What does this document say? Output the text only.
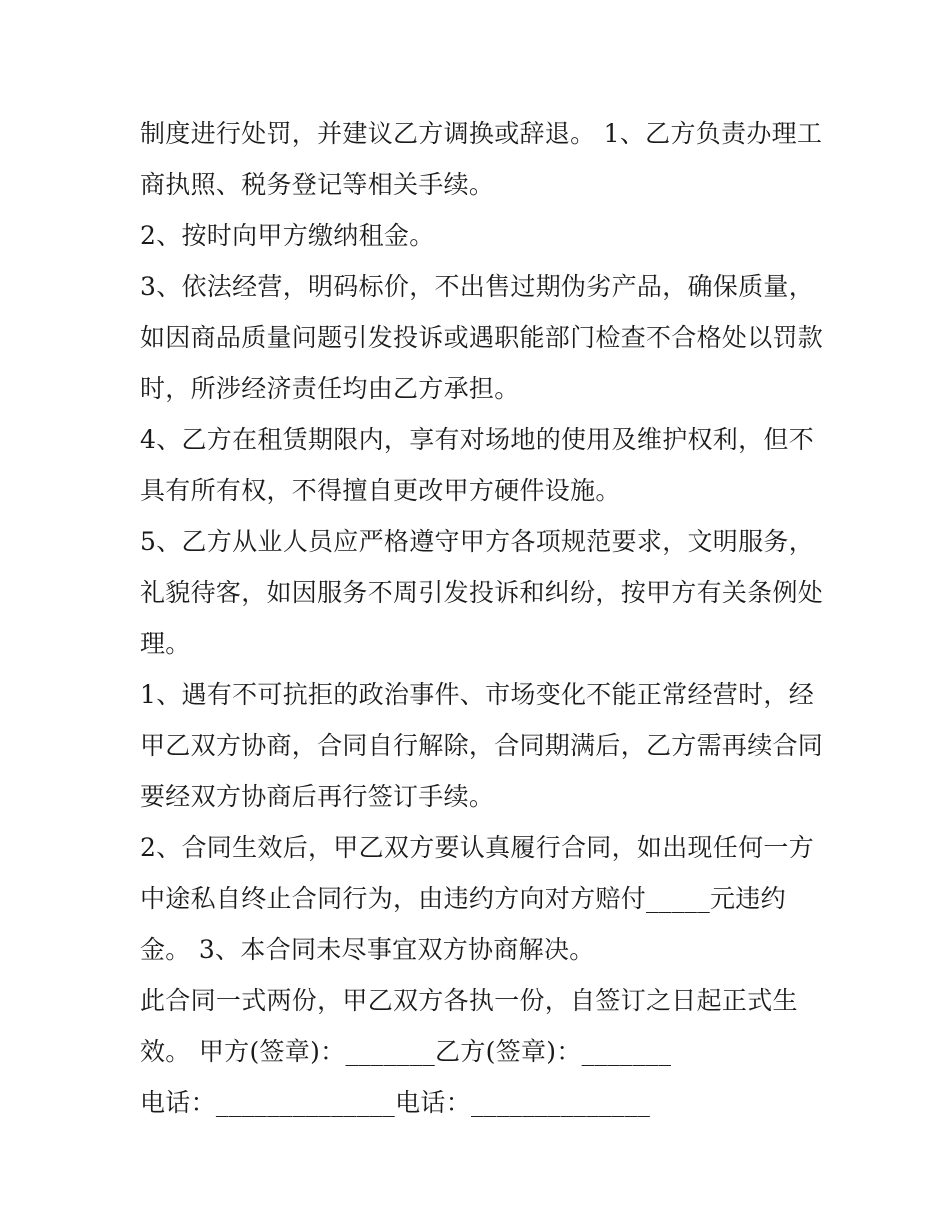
制度进行处罚，并建议乙方调换或辞退。 1、乙方负责办理工
商执照、税务登记等相关手续。
2、按时向甲方缴纳租金。
3、依法经营，明码标价，不出售过期伪劣产品，确保质量，
如因商品质量问题引发投诉或遇职能部门检查不合格处以罚款
时，所涉经济责任均由乙方承担。
4、乙方在租赁期限内，享有对场地的使用及维护权利，但不
具有所有权，不得擅自更改甲方硬件设施。
5、乙方从业人员应严格遵守甲方各项规范要求，文明服务，
礼貌待客，如因服务不周引发投诉和纠纷，按甲方有关条例处
理。
1、遇有不可抗拒的政治事件、市场变化不能正常经营时，经
甲乙双方协商，合同自行解除，合同期满后，乙方需再续合同
要经双方协商后再行签订手续。
2、合同生效后，甲乙双方要认真履行合同，如出现任何一方
中途私自终止合同行为，由违约方向对方赔付_____元违约
金。 3、本合同未尽事宜双方协商解决。
此合同一式两份，甲乙双方各执一份，自签订之日起正式生
效。 甲方(签章)：_______乙方(签章)：_______
电话：______________电话：______________
